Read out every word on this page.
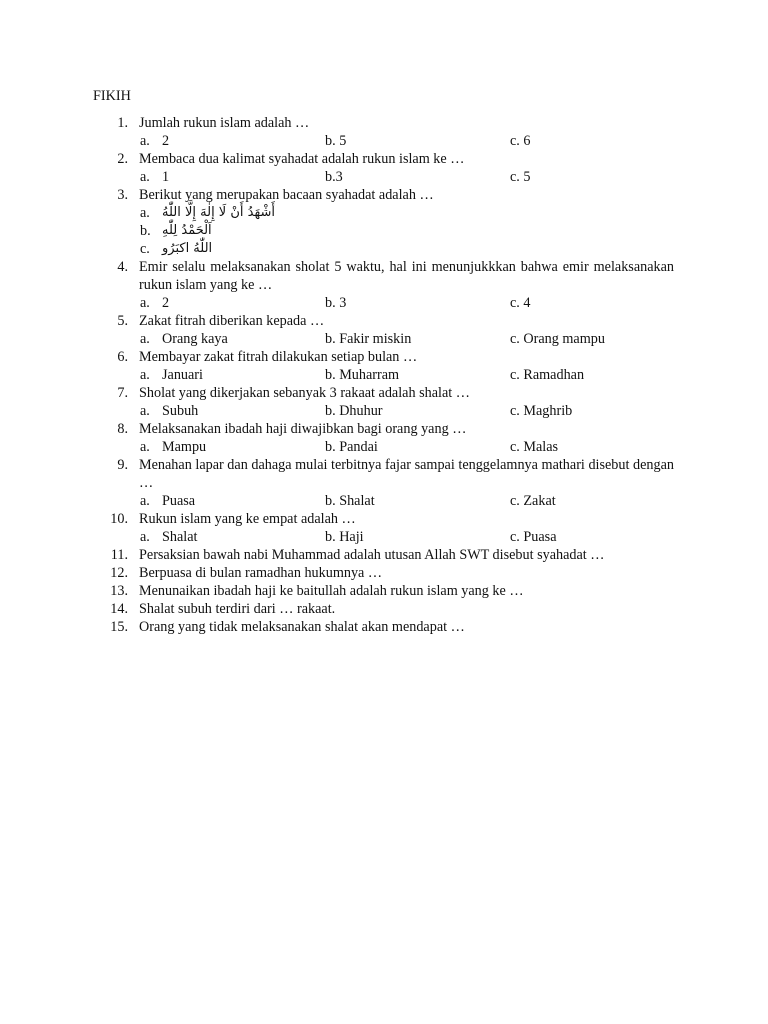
FIKIH
1. Jumlah rukun islam adalah …
a. 2	b. 5	c. 6
2. Membaca dua kalimat syahadat adalah rukun islam ke …
a. 1	b.3	c. 5
3. Berikut yang merupakan bacaan syahadat adalah …
a. أَشْهَدُ أَنْ لَا إِلٰهَ إِلَّا اللّٰهُ
b. اَلْحَمْدُ لِلّٰهِ
c. اللّٰهُ اكبَرُو
4. Emir selalu melaksanakan sholat 5 waktu, hal ini menunjukkkan bahwa emir melaksanakan rukun islam yang ke …
a. 2	b. 3	c. 4
5. Zakat fitrah diberikan kepada …
a. Orang kaya	b. Fakir miskin	c. Orang mampu
6. Membayar zakat fitrah dilakukan setiap bulan …
a. Januari	b. Muharram	c. Ramadhan
7. Sholat yang dikerjakan sebanyak 3 rakaat adalah shalat …
a. Subuh	b. Dhuhur	c. Maghrib
8. Melaksanakan ibadah haji diwajibkan bagi orang yang …
a. Mampu	b. Pandai	c. Malas
9. Menahan lapar dan dahaga mulai terbitnya fajar sampai tenggelamnya mathari disebut dengan …
a. Puasa	b. Shalat	c. Zakat
10. Rukun islam yang ke empat adalah …
a. Shalat	b. Haji	c. Puasa
11. Persaksian bawah nabi Muhammad adalah utusan Allah SWT disebut syahadat …
12. Berpuasa di bulan ramadhan hukumnya …
13. Menunaikan ibadah haji ke baitullah adalah rukun islam yang ke …
14. Shalat subuh terdiri dari … rakaat.
15. Orang yang tidak melaksanakan shalat akan mendapat …
